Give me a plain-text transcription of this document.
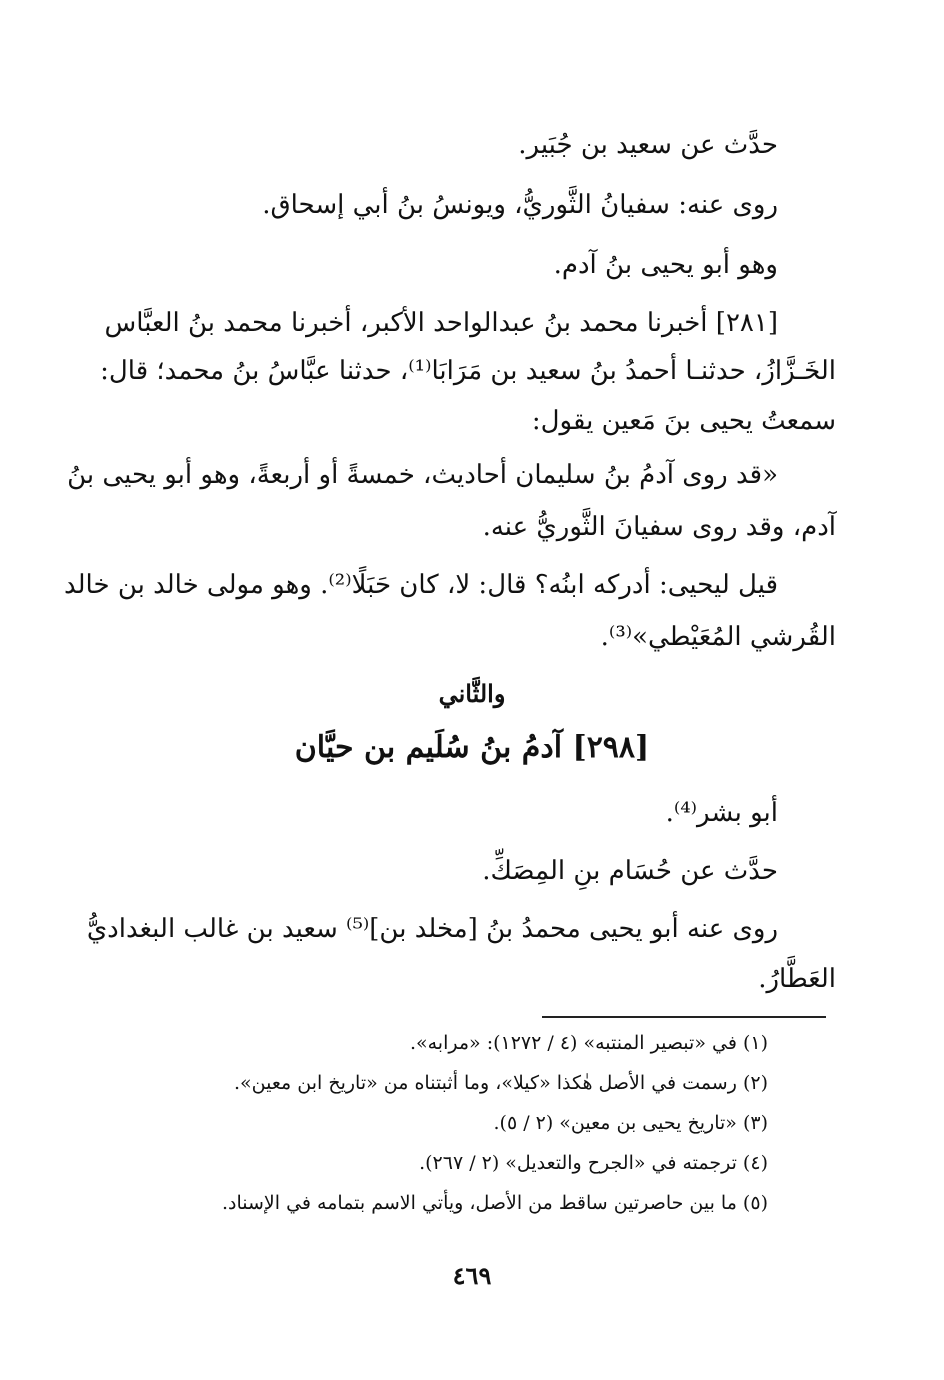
حدَّث عن سعيد بن جُبَير.
روى عنه: سفيانُ الثَّوريُّ، ويونسُ بنُ أبي إسحاق.
وهو أبو يحيى بنُ آدم.
[٢٨١] أخبرنا محمد بنُ عبدالواحد الأكبر، أخبرنا محمد بنُ العبَّاس
الخَـزَّازُ، حدثنـا أحمدُ بنُ سعيد بن مَرَابَا⁽¹⁾، حدثنا عبَّاسُ بنُ محمد؛ قال:
سمعتُ يحيى بنَ مَعين يقول:
«قد روى آدمُ بنُ سليمان أحاديث، خمسةً أو أربعةً، وهو أبو يحيى بنُ
آدم، وقد روى سفيانَ الثَّوريُّ عنه.
قيل ليحيى: أدركه ابنُه؟ قال: لا، كان حَبَلًا⁽²⁾. وهو مولى خالد بن خالد
القُرشي المُعَيْطي»⁽³⁾.
والثَّاني
[٢٩٨] آدمُ بنُ سُلَيم بن حيَّان
أبو بشر⁽⁴⁾.
حدَّث عن حُسَام بنِ المِصَكِّ.
روى عنه أبو يحيى محمدُ بنُ [مخلد بن]⁽⁵⁾ سعيد بن غالب البغداديُّ
العَطَّارُ.
(١) في «تبصير المنتبه» (٤ / ١٢٧٢): «مرابه».
(٢) رسمت في الأصل هٰكذا «كيلا»، وما أثبتناه من «تاريخ ابن معين».
(٣) «تاريخ يحيى بن معين» (٢ / ٥).
(٤) ترجمته في «الجرح والتعديل» (٢ / ٢٦٧).
(٥) ما بين حاصرتين ساقط من الأصل، ويأتي الاسم بتمامه في الإسناد.
٤٦٩
